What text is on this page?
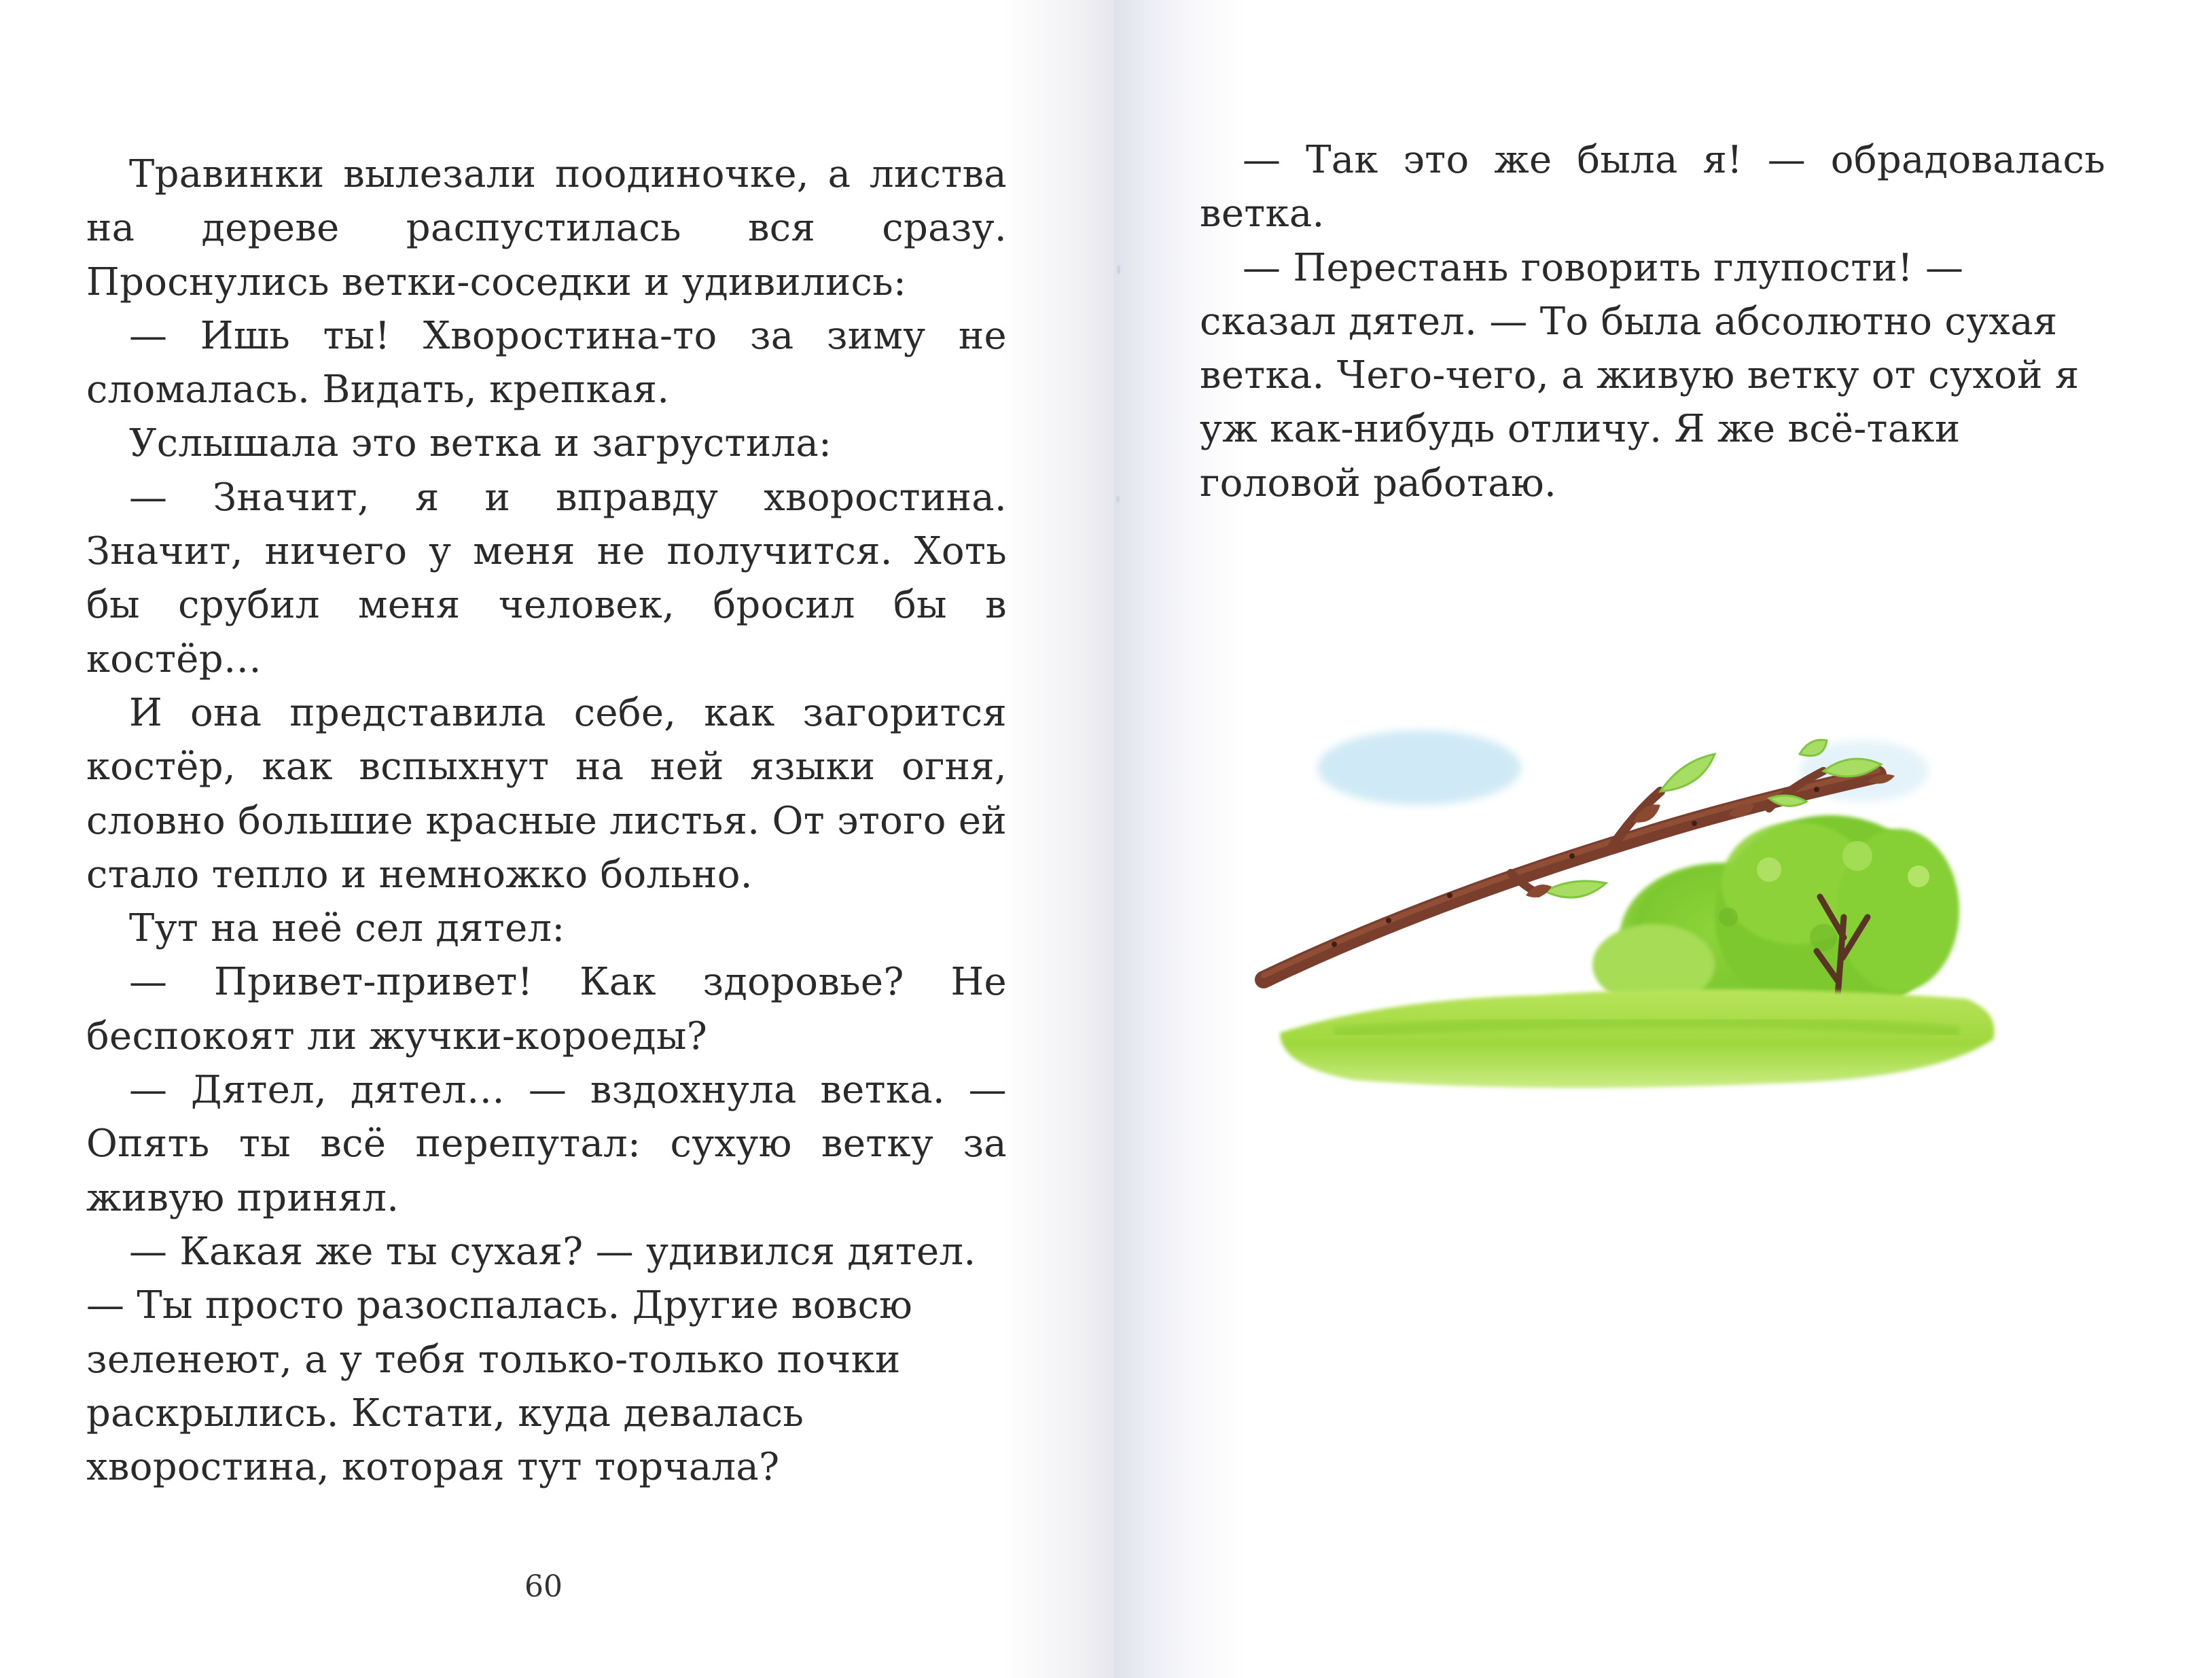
Травинки вылезали поодиночке, а листва на дереве распустилась вся сразу. Проснулись ветки-соседки и удивились:

— Ишь ты! Хворостина-то за зиму не сломалась. Видать, крепкая.

Услышала это ветка и загрустила:

— Значит, я и вправду хворостина. Значит, ничего у меня не получится. Хоть бы срубил меня человек, бросил бы в костёр…

И она представила себе, как загорится костёр, как вспыхнут на ней языки огня, словно большие красные листья. От этого ей стало тепло и немножко больно.

Тут на неё сел дятел:

— Привет-привет! Как здоровье? Не беспокоят ли жучки-короеды?

— Дятел, дятел… — вздохнула ветка. — Опять ты всё перепутал: сухую ветку за живую принял.

— Какая же ты сухая? — удивился дятел. — Ты просто разоспалась. Другие вовсю зеленеют, а у тебя только-только почки раскрылись. Кстати, куда девалась хворостина, которая тут торчала?

60

— Так это же была я! — обрадовалась ветка.

— Перестань говорить глупости! — сказал дятел. — То была абсолютно сухая ветка. Чего-чего, а живую ветку от сухой я уж как-нибудь отличу. Я же всё-таки головой работаю.
